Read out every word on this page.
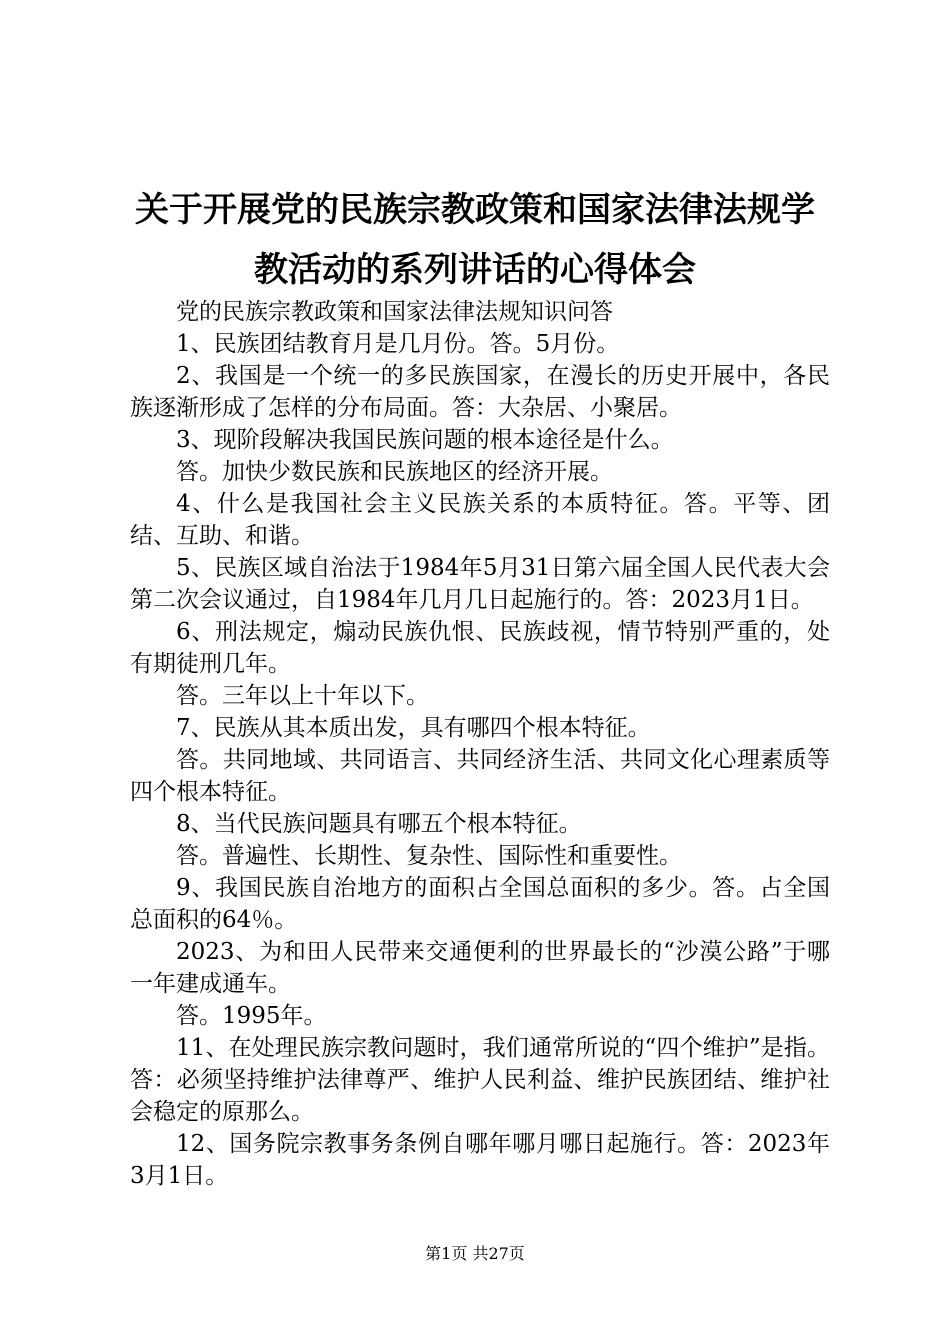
关于开展党的民族宗教政策和国家法律法规学
教活动的系列讲话的心得体会

党的民族宗教政策和国家法律法规知识问答

1、民族团结教育月是几月份。答。5月份。

2、我国是一个统一的多民族国家，在漫长的历史开展中，各民族逐渐形成了怎样的分布局面。答：大杂居、小聚居。

3、现阶段解决我国民族问题的根本途径是什么。

答。加快少数民族和民族地区的经济开展。

4、什么是我国社会主义民族关系的本质特征。答。平等、团结、互助、和谐。

5、民族区域自治法于1984年5月31日第六届全国人民代表大会第二次会议通过，自1984年几月几日起施行的。答：2023月1日。

6、刑法规定，煽动民族仇恨、民族歧视，情节特别严重的，处有期徒刑几年。

答。三年以上十年以下。

7、民族从其本质出发，具有哪四个根本特征。

答。共同地域、共同语言、共同经济生活、共同文化心理素质等四个根本特征。

8、当代民族问题具有哪五个根本特征。

答。普遍性、长期性、复杂性、国际性和重要性。

9、我国民族自治地方的面积占全国总面积的多少。答。占全国总面积的64％。

2023、为和田人民带来交通便利的世界最长的“沙漠公路”于哪一年建成通车。

答。1995年。

11、在处理民族宗教问题时，我们通常所说的“四个维护”是指。答：必须坚持维护法律尊严、维护人民利益、维护民族团结、维护社会稳定的原那么。

12、国务院宗教事务条例自哪年哪月哪日起施行。答：2023年3月1日。

第1页 共27页
